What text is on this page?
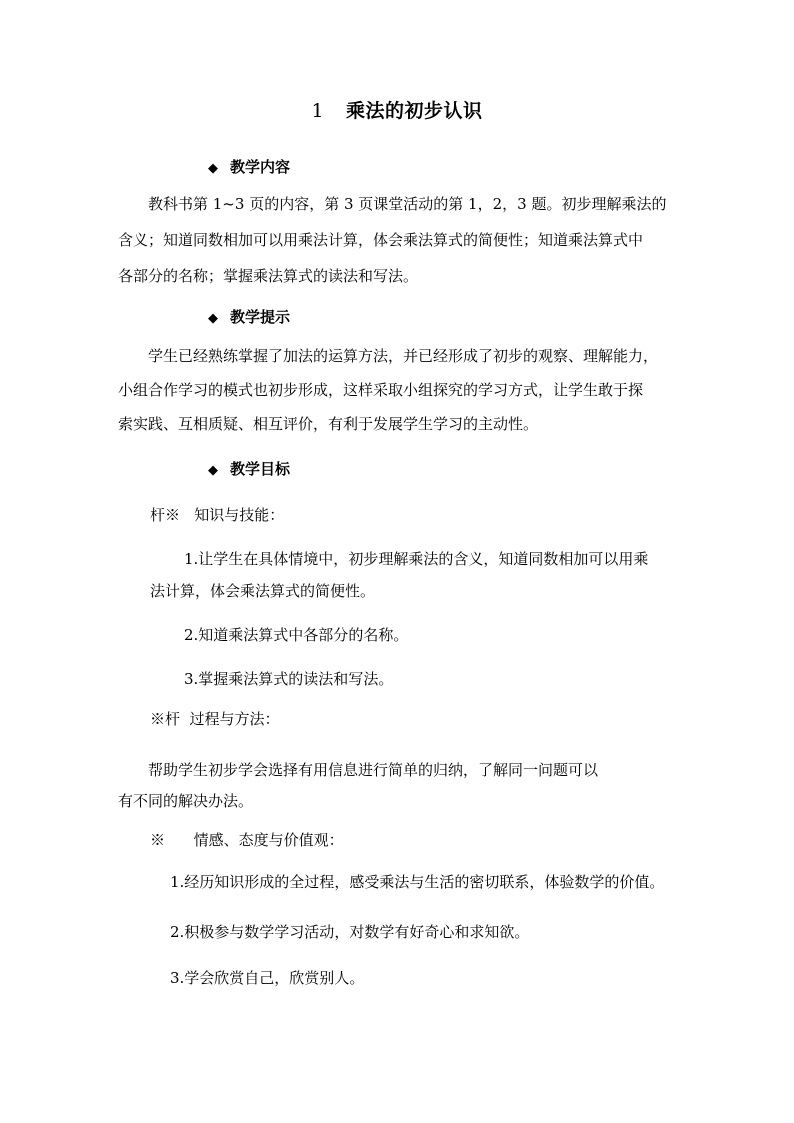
1 乘法的初步认识
◆ 教学内容
教科书第 1~3 页的内容，第 3 页课堂活动的第 1，2，3 题。初步理解乘法的
含义；知道同数相加可以用乘法计算，体会乘法算式的简便性；知道乘法算式中
各部分的名称；掌握乘法算式的读法和写法。
◆ 教学提示
学生已经熟练掌握了加法的运算方法，并已经形成了初步的观察、理解能力，
小组合作学习的模式也初步形成，这样采取小组探究的学习方式，让学生敢于探
索实践、互相质疑、相互评价，有利于发展学生学习的主动性。
◆ 教学目标
杆※   知识与技能：
1.让学生在具体情境中，初步理解乘法的含义，知道同数相加可以用乘
法计算，体会乘法算式的简便性。
2.知道乘法算式中各部分的名称。
3.掌握乘法算式的读法和写法。
※杆  过程与方法：
帮助学生初步学会选择有用信息进行简单的归纳，了解同一问题可以
有不同的解决办法。
※      情感、态度与价值观：
1.经历知识形成的全过程，感受乘法与生活的密切联系，体验数学的价值。
2.积极参与数学学习活动，对数学有好奇心和求知欲。
3.学会欣赏自己，欣赏别人。
